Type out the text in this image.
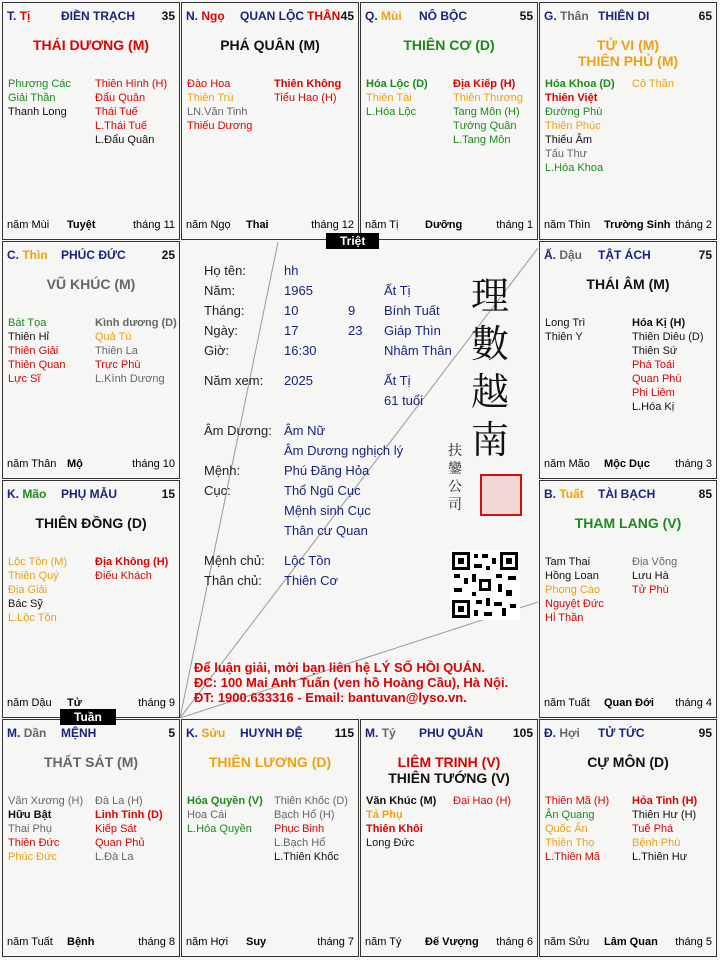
Đ. Hợi TỬ TỨC	95
CỰ MÔN (D)
Thiên Mã (H)
Ân Quang
Quốc Ấn
Thiên Thọ
L.Thiên Mã
Hỏa Tinh (H)
Thiên Hư (H)
Tuế Phá
Bệnh Phù
L.Thiên Hư
năm Sửu Lâm Quan tháng 5
M. Tý PHU QUÂN 105
LIÊM TRINH (V)
THIÊN TƯỚNG (V)
Văn Khúc (M)
Tả Phụ
Thiên Khôi
Long Đức
Đại Hao (H)
năm Tý Đế Vượng tháng 6
K. Sửu HUYNH ĐỆ	115
THIÊN LƯƠNG (D)
Hóa Quyền (V)
Hoa Cái
L.Hóa Quyền
Thiên Khốc (D)
Bạch Hổ (H)
Phục Binh
L.Bạch Hổ
L.Thiên Khốc
năm Hợi Suy	tháng 7
M. Dần MỆNH	5
THẤT SÁT (M)
Văn Xương (H)
Hữu Bật
Thai Phụ
Thiên Đức
Phúc Đức
Đà La (H)
Linh Tinh (D)
Kiếp Sát
Quan Phủ
L.Đà La
năm Tuất Bệnh	tháng 8
B. Tuất TÀI BẠCH	85
THAM LANG (V)
Tam Thai
Hồng Loan
Phong Cáo
Nguyệt Đức
Hỉ Thần
Địa Võng
Lưu Hà
Tử Phù
năm Tuất Quan Đới tháng 4
K. Mão PHỤ MẪU	15
THIÊN ĐỒNG (D)
Lộc Tồn (M)
Thiên Quý
Địa Giải
Bác Sỹ
L.Lộc Tồn
Địa Không (H)
Điếu Khách
năm Dậu Tử	tháng 9
Ấ. Dậu TẬT ÁCH	75
THÁI ÂM (M)
Long Trì
Thiên Y
Hóa Kị (H)
Thiên Diêu (D)
Thiên Sứ
Phá Toái
Quan Phù
Phi Liêm
L.Hóa Kị
năm Mão Mộc Dục tháng 3
C. Thìn PHÚC ĐỨC	25
VŨ KHÚC (M)
Bát Tọa
Thiên Hỉ
Thiên Giải
Thiên Quan
Lực Sĩ
Kình dương (D)
Quả Tú
Thiên La
Trực Phù
L.Kình Dương
năm Thân Mộ	tháng 10
G. Thân THIÊN DI	65
TỬ VI (M)
THIÊN PHỦ (M)
Hóa Khoa (D)
Thiên Việt
Đường Phù
Thiên Phúc
Thiếu Âm
Tấu Thư
L.Hóa Khoa
Cô Thần
năm Thìn Trường Sinh tháng 2
Q. Mùi NÔ BỘC	55
THIÊN CƠ (D)
Hóa Lộc (D)
Thiên Tài
L.Hóa Lộc
Địa Kiếp (H)
Thiên Thương
Tang Môn (H)
Tướng Quân
L.Tang Môn
năm Tị Dưỡng	tháng 1
N. Ngọ QUAN LỘC THÂN 45
PHÁ QUÂN (M)
Đào Hoa
Thiên Trù
LN.Văn Tinh
Thiếu Dương
Thiên Không
Tiểu Hao (H)
năm Ngọ Thai	tháng 12
T. Tị	ĐIỀN TRẠCH 35
THÁI DƯƠNG (M)
Phượng Các
Giải Thần
Thanh Long
Thiên Hình (H)
Đẩu Quân
Thái Tuế
L.Thái Tuế
L.Đẩu Quân
năm Mùi Tuyệt	tháng 11
Họ tên:	hh
Năm:	1965	Ất Tị
Tháng:	10	9 Bính Tuất
Ngày:	17	23 Giáp Thìn
Giờ:	16:30	Nhâm Thân
Năm xem: 2025	Ất Tị
61 tuổi
Âm Dương: Âm Nữ
Âm Dương nghịch lý
Mệnh:	Phú Đăng Hỏa
Cục:	Thổ Ngũ Cục
Mệnh sinh Cục
Thân cư Quan
Mệnh chủ: Lộc Tồn
Thân chủ: Thiên Cơ
理
數
越
南
扶鑾公司
Để luận giải, mời bạn liên hệ LÝ SỐ HỒI QUÁN.
ĐC: 100 Mai Anh Tuấn (ven hồ Hoàng Cầu), Hà Nội.
ĐT: 1900.633316 - Email: bantuvan@lyso.vn.
Triệt
Tuần
